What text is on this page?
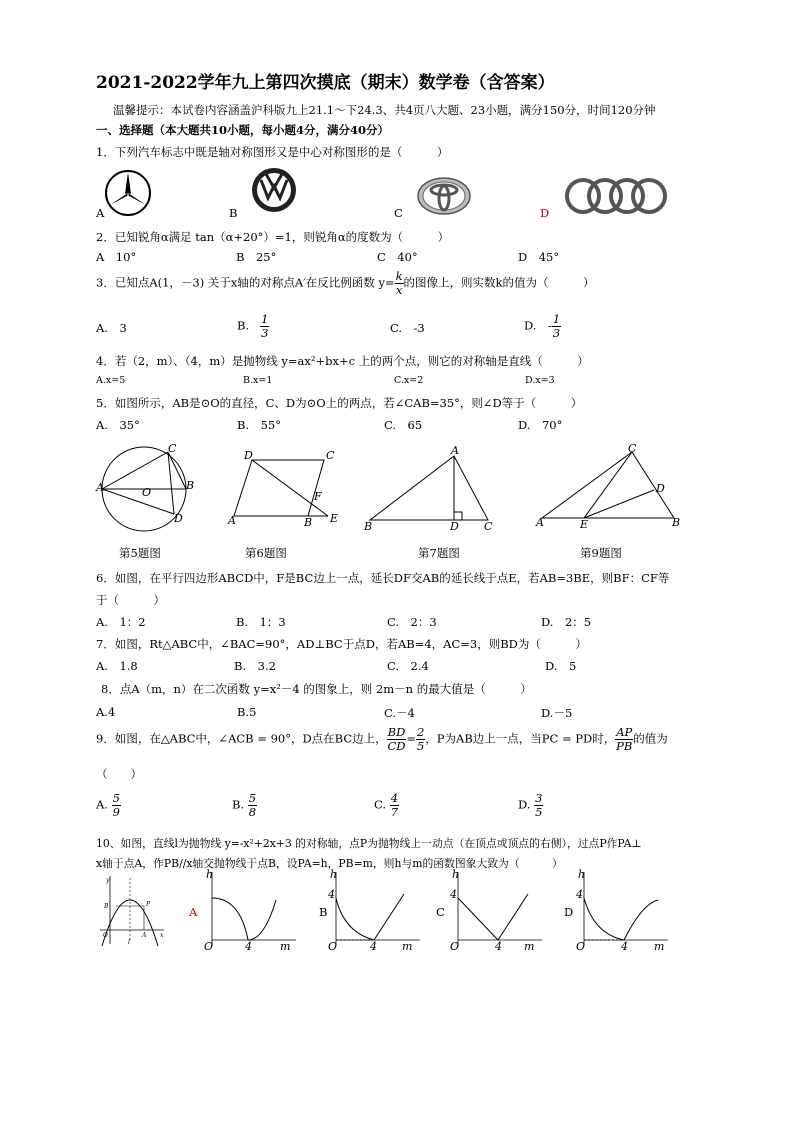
2021-2022学年九上第四次摸底（期末）数学卷（含答案）
温馨提示：本试卷内容涵盖沪科版九上21.1～下24.3、共4页八大题、23小题，满分150分，时间120分钟
一、选择题（本大题共10小题，每小题4分，满分40分）
1．下列汽车标志中既是轴对称图形又是中心对称图形的是（　　　）
A	B	C	D
2．已知锐角α满足 tan（α+20°）=1，则锐角α的度数为（　　　）
A　10°	B　25°	C　40°	D　45°
3．已知点A(1，－3) 关于x轴的对称点A′在反比例函数 $y= \frac{k}{x}$ 的图像上，则实数k的值为（　　　）
A.　3	B. $\frac{1}{3}$	C.　-3	D.　- $\frac{1}{3}$
4．若（2，m）、（4，m）是抛物线 y=ax²+bx+c 上的两个点，则它的对称轴是直线（　　　）
A.x=5	B.x=1	C.x=2	D.x=3
5．如图所示，AB是⊙O的直径，C、D为⊙O上的两点，若∠CAB=35°，则∠D等于（　　　）
A.　35°	B.　55°	C.　65	D.　70°
A	B
C
D
O
D	C
A	B E
F
A
B	C
D
C
A	B
E
D
第5题图	第6题图	第7题图	第9题图
6．如图，在平行四边形ABCD中，F是BC边上一点，延长DF交AB的延长线于点E，若AB=3BE，则BF：CF等
于（　　　）
A.　1：2	B.　1：3	C.　2：3	D.　2：5
7．如图，Rt△ABC中，∠BAC=90°，AD⊥BC于点D，若AB=4，AC=3，则BD为（　　　）
A.　1.8	B.　3.2	C.　2.4	D.　5
8．点A（m，n）在二次函数 y=x²－4 的图象上，则 2m－n 的最大值是（　　　）
A.4	B.5	C.－4	D.－5
9．如图，在△ABC中，∠ACB = 90°，D点在BC边上， $\frac{BD}{CD} = \frac{2}{5}$ ，P为AB边上一点，当PC = PD时， $\frac{AP}{PB}$ 的值为
（　　）
A. $\frac{5}{9}$	B. $\frac{5}{8}$	C. $\frac{4}{7}$	D. $\frac{3}{5}$
10、如图，直线l为抛物线 y=-x²+2x+3 的对称轴，点P为抛物线上一动点（在顶点或顶点的右侧），过点P作PA⊥
x轴于点A，作PB//x轴交抛物线于点B，设PA=h，PB=m，则h与m的函数图象大致为（　　　）
B	P
y
x
O	A
l
A
h
O	4	m
B
h
4
O	4 m
C
h
4
O	4 m
D
h
4
O	4 m
